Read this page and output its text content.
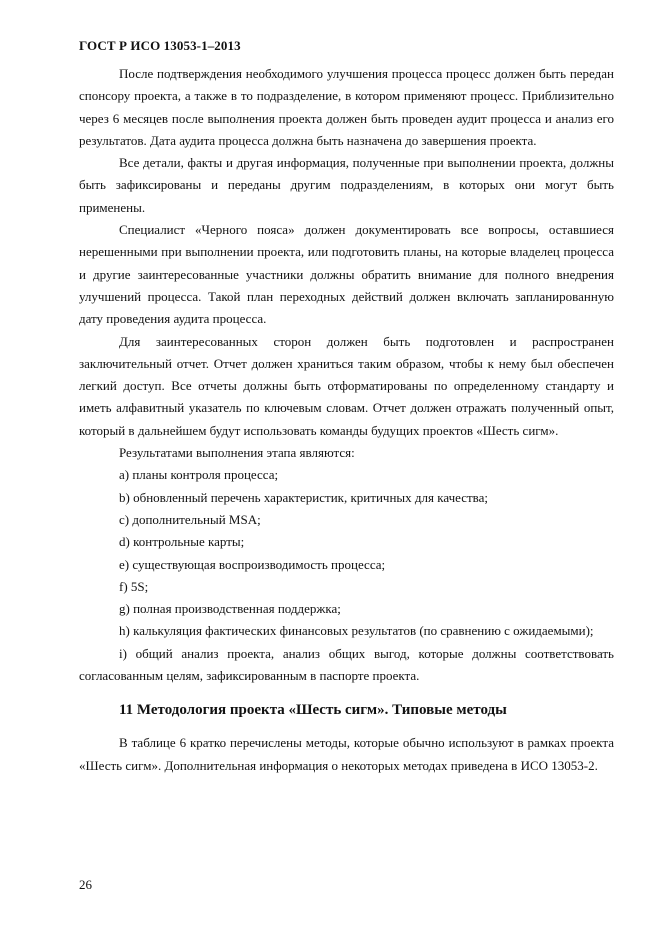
ГОСТ Р ИСО 13053-1–2013

После подтверждения необходимого улучшения процесса процесс должен быть передан спонсору проекта, а также в то подразделение, в котором применяют процесс. Приблизительно через 6 месяцев после выполнения проекта должен быть проведен аудит процесса и анализ его результатов. Дата аудита процесса должна быть назначена до завершения проекта.

Все детали, факты и другая информация, полученные при выполнении проекта, должны быть зафиксированы и переданы другим подразделениям, в которых они могут быть применены.

Специалист «Черного пояса» должен документировать все вопросы, оставшиеся нерешенными при выполнении проекта, или подготовить планы, на которые владелец процесса и другие заинтересованные участники должны обратить внимание для полного внедрения улучшений процесса. Такой план переходных действий должен включать запланированную дату проведения аудита процесса.

Для заинтересованных сторон должен быть подготовлен и распространен заключительный отчет. Отчет должен храниться таким образом, чтобы к нему был обеспечен легкий доступ. Все отчеты должны быть отформатированы по определенному стандарту и иметь алфавитный указатель по ключевым словам. Отчет должен отражать полученный опыт, который в дальнейшем будут использовать команды будущих проектов «Шесть сигм».

Результатами выполнения этапа являются:

a) планы контроля процесса;
b) обновленный перечень характеристик, критичных для качества;
c) дополнительный MSA;
d) контрольные карты;
e) существующая воспроизводимость процесса;
f) 5S;
g) полная производственная поддержка;
h) калькуляция фактических финансовых результатов (по сравнению с ожидаемыми);
i) общий анализ проекта, анализ общих выгод, которые должны соответствовать согласованным целям, зафиксированным в паспорте проекта.
11 Методология проекта «Шесть сигм». Типовые методы

В таблице 6 кратко перечислены методы, которые обычно используют в рамках проекта «Шесть сигм». Дополнительная информация о некоторых методах приведена в ИСО 13053-2.

26
